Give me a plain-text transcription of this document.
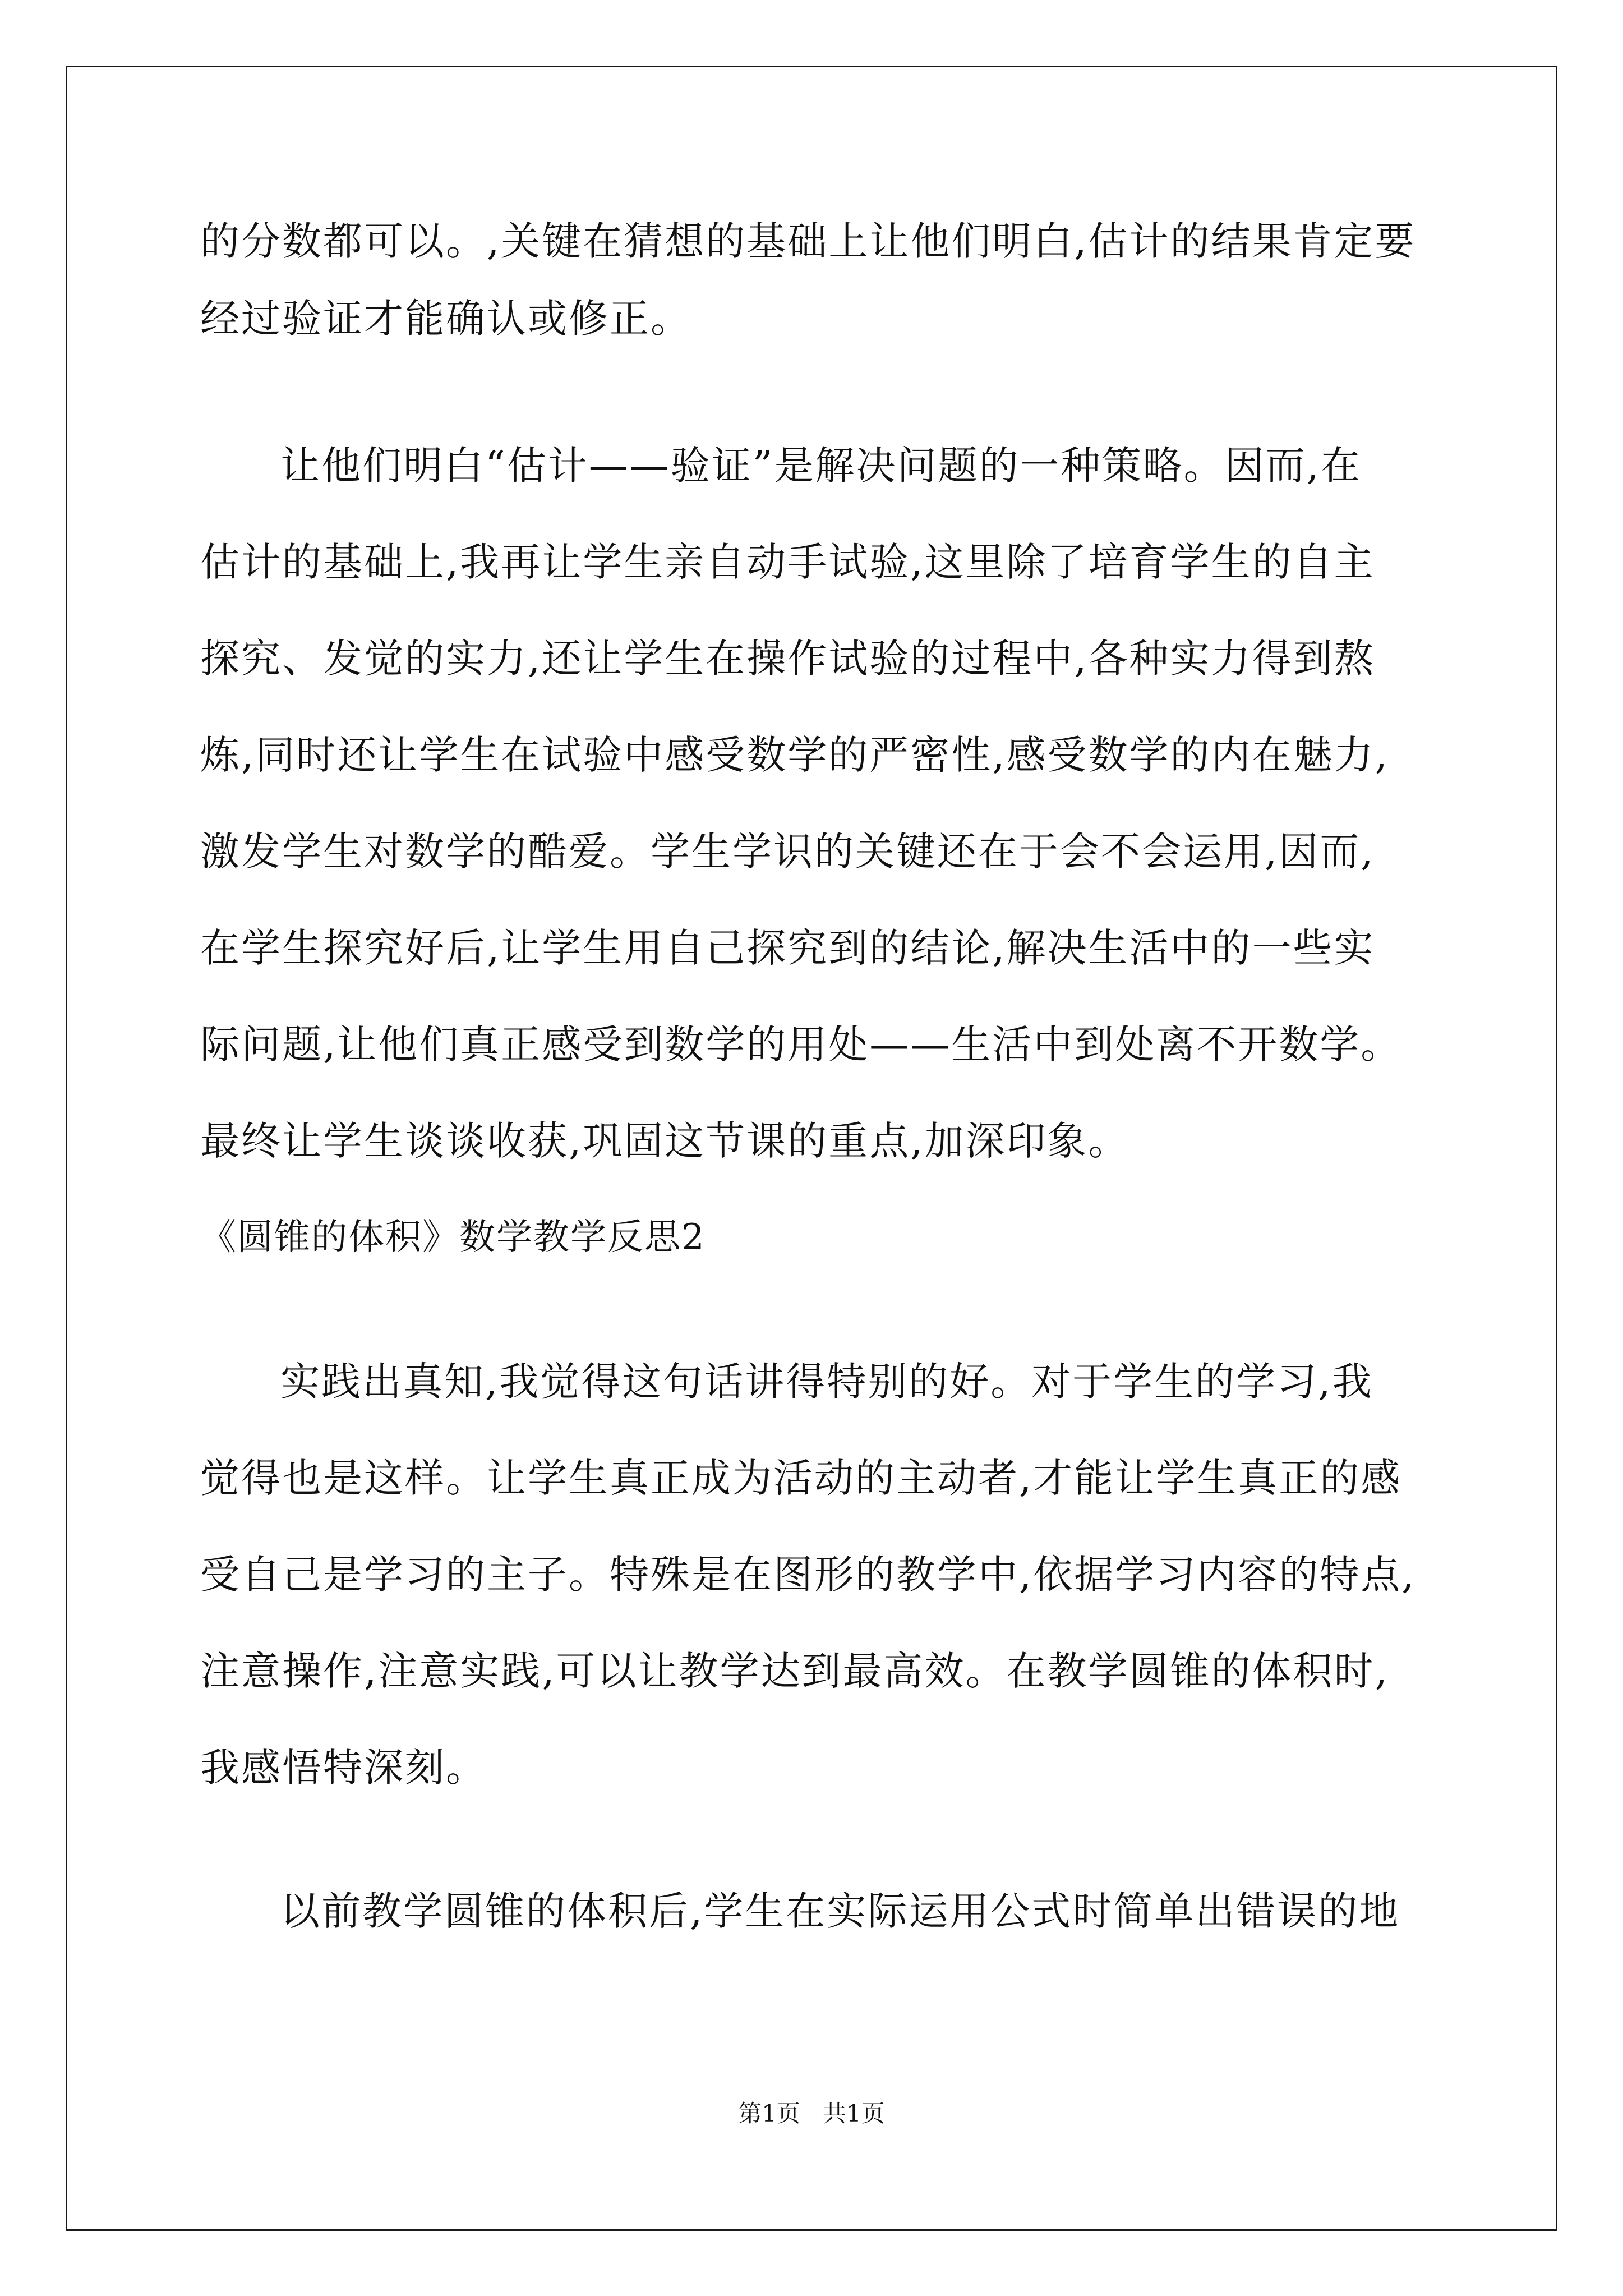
的分数都可以。,关键在猜想的基础上让他们明白,估计的结果肯定要
经过验证才能确认或修正。
让他们明白“估计——验证”是解决问题的一种策略。因而,在
估计的基础上,我再让学生亲自动手试验,这里除了培育学生的自主
探究、发觉的实力,还让学生在操作试验的过程中,各种实力得到熬
炼,同时还让学生在试验中感受数学的严密性,感受数学的内在魅力,
激发学生对数学的酷爱。学生学识的关键还在于会不会运用,因而,
在学生探究好后,让学生用自己探究到的结论,解决生活中的一些实
际问题,让他们真正感受到数学的用处——生活中到处离不开数学。
最终让学生谈谈收获,巩固这节课的重点,加深印象。
《圆锥的体积》数学教学反思2
实践出真知,我觉得这句话讲得特别的好。对于学生的学习,我
觉得也是这样。让学生真正成为活动的主动者,才能让学生真正的感
受自己是学习的主子。特殊是在图形的教学中,依据学习内容的特点,
注意操作,注意实践,可以让教学达到最高效。在教学圆锥的体积时,
我感悟特深刻。
以前教学圆锥的体积后,学生在实际运用公式时简单出错误的地
第1页   共1页
